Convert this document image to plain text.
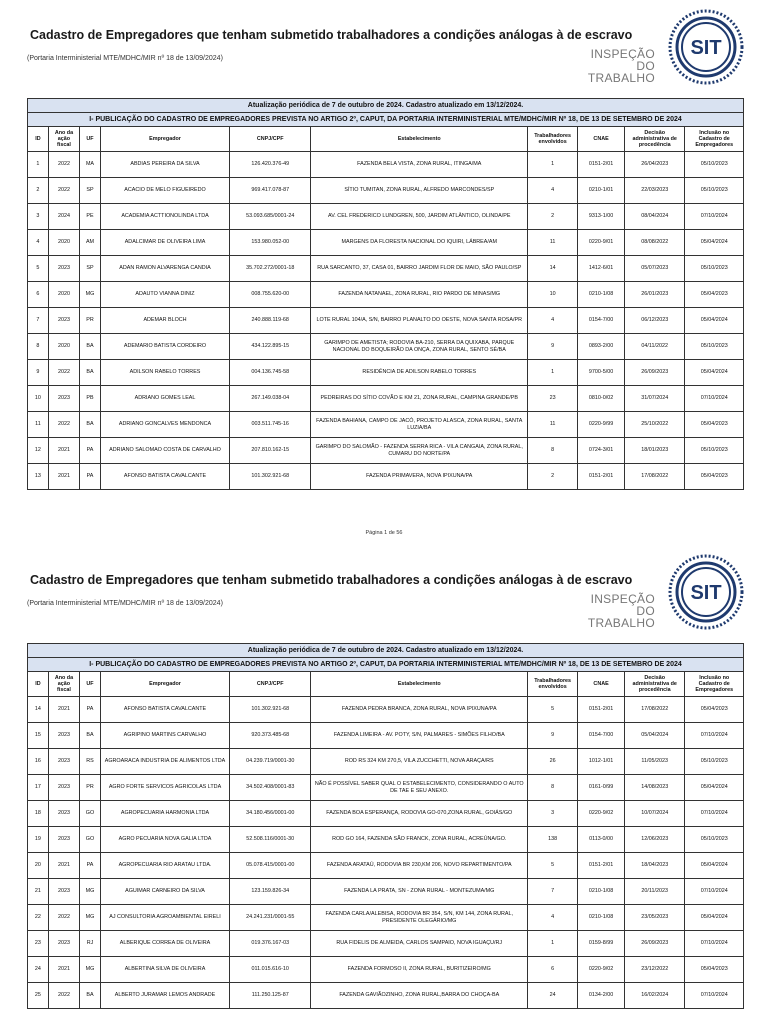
Cadastro de Empregadores que tenham submetido trabalhadores a condições análogas à de escravo
(Portaria Interministerial MTE/MDHC/MIR nº 18 de 13/09/2024)	INSPEÇÃO
DO TRABALHO
SIT
Atualização periódica de 7 de outubro de 2024. Cadastro atualizado em 13/12/2024.									
I- PUBLICAÇÃO DO CADASTRO DE EMPREGADORES PREVISTA NO ARTIGO 2º, CAPUT, DA PORTARIA INTERMINISTERIAL MTE/MDHC/MIR Nº 18, DE 13 DE SETEMBRO DE 2024									
ID	Ano da ação fiscal	UF	Empregador	CNPJ/CPF	Estabelecimento	Trabalhadores envolvidos	CNAE	Decisão administrativa de procedência	Inclusão no Cadastro de Empregadores
1	2022	MA	ABDIAS PEREIRA DA SILVA	126.420.376-49	FAZENDA BELA VISTA, ZONA RURAL, ITINGA/MA	1	0151-2/01	26/04/2023	05/10/2023
2	2022	SP	ACACIO DE MELO FIGUEIREDO	969.417.078-87	SÍTIO TUMITAN, ZONA RURAL, ALFREDO MARCONDES/SP	4	0210-1/01	22/03/2023	05/10/2023
3	2024	PE	ACADEMIA ACTTIONOLINDA LTDA	53.093.685/0001-24	AV. CEL FREDERICO LUNDGREN, 500, JARDIM ATLÂNTICO, OLINDA/PE	2	9313-1/00	08/04/2024	07/10/2024
4	2020	AM	ADALCIMAR DE OLIVEIRA LIMA	153.980.052-00	MARGENS DA FLORESTA NACIONAL DO IQUIRI, LÁBREA/AM	11	0220-9/01	08/08/2022	05/04/2024
5	2023	SP	ADAN RAMON ALVARENGA CANDIA	35.702.272/0001-18	RUA SARCANTO, 37, CASA 01, BAIRRO JARDIM FLOR DE MAIO, SÃO PAULO/SP	14	1412-6/01	05/07/2023	05/10/2023
6	2020	MG	ADAUTO VIANNA DINIZ	008.755.620-00	FAZENDA NATANAEL, ZONA RURAL, RIO PARDO DE MINAS/MG	10	0210-1/08	26/01/2023	05/04/2023
7	2023	PR	ADEMAR BLOCH	240.888.119-68	LOTE RURAL 104/A, S/N, BAIRRO PLANALTO DO OESTE, NOVA SANTA ROSA/PR	4	0154-7/00	06/12/2023	05/04/2024
8	2020	BA	ADEMARIO BATISTA CORDEIRO	434.122.895-15	GARIMPO DE AMETISTA; RODOVIA BA-210, SERRA DA QUIXABA, PARQUE NACIONAL DO BOQUEIRÃO DA ONÇA, ZONA RURAL, SENTO SÉ/BA	9	0893-2/00	04/11/2022	05/10/2023
9	2022	BA	ADILSON RABELO TORRES	004.136.745-58	RESIDÊNCIA DE ADILSON RABELO TORRES	1	9700-5/00	26/09/2023	05/04/2024
10	2023	PB	ADRIANO GOMES LEAL	267.149.038-04	PEDREIRAS DO SÍTIO COVÃO E KM 21, ZONA RURAL, CAMPINA GRANDE/PB	23	0810-0/02	31/07/2024	07/10/2024
11	2022	BA	ADRIANO GONCALVES MENDONCA	003.511.745-16	FAZENDA BAHIANA, CAMPO DE JACÓ, PROJETO ALASCA, ZONA RURAL, SANTA LUZIA/BA	11	0220-9/99	25/10/2022	05/04/2023
12	2021	PA	ADRIANO SALOMAO COSTA DE CARVALHO	207.810.162-15	GARIMPO DO SALOMÃO - FAZENDA SERRA RICA - VILA CANGAIA, ZONA RURAL, CUMARU DO NORTE/PA	8	0724-3/01	18/01/2023	05/10/2023
13	2021	PA	AFONSO BATISTA CAVALCANTE	101.302.921-68	FAZENDA PRIMAVERA, NOVA IPIXUNA/PA	2	0151-2/01	17/08/2022	05/04/2023
Página 1 de 56
Cadastro de Empregadores que tenham submetido trabalhadores a condições análogas à de escravo
(Portaria Interministerial MTE/MDHC/MIR nº 18 de 13/09/2024)	INSPEÇÃO
DO TRABALHO
SIT
Atualização periódica de 7 de outubro de 2024. Cadastro atualizado em 13/12/2024.									
I- PUBLICAÇÃO DO CADASTRO DE EMPREGADORES PREVISTA NO ARTIGO 2º, CAPUT, DA PORTARIA INTERMINISTERIAL MTE/MDHC/MIR Nº 18, DE 13 DE SETEMBRO DE 2024									
ID	Ano da ação fiscal	UF	Empregador	CNPJ/CPF	Estabelecimento	Trabalhadores envolvidos	CNAE	Decisão administrativa de procedência	Inclusão no Cadastro de Empregadores
14	2021	PA	AFONSO BATISTA CAVALCANTE	101.302.921-68	FAZENDA PEDRA BRANCA, ZONA RURAL, NOVA IPIXUNA/PA	5	0151-2/01	17/08/2022	05/04/2023
15	2023	BA	AGRIPINO MARTINS CARVALHO	920.373.485-68	FAZENDA LIMEIRA - AV. POTY, S/N, PALMARES - SIMÕES FILHO/BA	9	0154-7/00	05/04/2024	07/10/2024
16	2023	RS	AGROARACA INDUSTRIA DE ALIMENTOS LTDA	04.239.719/0001-30	ROD RS 324 KM 270,5, VILA ZUCCHETTI, NOVA ARAÇA/RS	26	1012-1/01	11/05/2023	05/10/2023
17	2023	PR	AGRO FORTE SERVICOS AGRICOLAS LTDA	34.502.408/0001-83	NÃO É POSSÍVEL SABER QUAL O ESTABELECIMENTO, CONSIDERANDO O AUTO DE TAE E SEU ANEXO.	8	0161-0/99	14/08/2023	05/04/2024
18	2023	GO	AGROPECUARIA HARMONIA LTDA	34.180.456/0001-00	FAZENDA BOA ESPERANÇA, RODOVIA GO-070,ZONA RURAL, GOIÁS/GO	3	0220-9/02	10/07/2024	07/10/2024
19	2023	GO	AGRO PECUARIA NOVA GALIA LTDA	52.508.116/0001-30	ROD GO 164, FAZENDA SÃO FRANCK, ZONA RURAL, ACREÚNA/GO.	138	0113-0/00	12/06/2023	05/10/2023
20	2021	PA	AGROPECUARIA RIO ARATAU LTDA.	05.078.415/0001-00	FAZENDA ARATAÚ, RODOVIA BR 230,KM 206, NOVO REPARTIMENTO/PA	5	0151-2/01	18/04/2023	05/04/2024
21	2023	MG	AGUIMAR CARNEIRO DA SILVA	123.159.826-34	FAZENDA LA PRATA, SN - ZONA RURAL - MONTEZUMA/MG	7	0210-1/08	20/11/2023	07/10/2024
22	2022	MG	AJ CONSULTORIA AGROAMBIENTAL EIRELI	24.241.231/0001-55	FAZENDA CARLA/ALEBISA, RODOVIA BR 354, S/N, KM 144, ZONA RURAL, PRESIDENTE OLEGÁRIO/MG	4	0210-1/08	23/05/2023	05/04/2024
23	2023	RJ	ALBERIQUE CORREA DE OLIVEIRA	019.376.167-03	RUA FIDELIS DE ALMEIDA, CARLOS SAMPAIO, NOVA IGUAÇU/RJ	1	0159-8/99	26/09/2023	07/10/2024
24	2021	MG	ALBERTINA SILVA DE OLIVEIRA	011.015.616-10	FAZENDA FORMOSO II, ZONA RURAL, BURITIZEIRO/MG	6	0220-9/02	23/12/2022	05/04/2023
25	2022	BA	ALBERTO JURAMAR LEMOS ANDRADE	111.250.125-87	FAZENDA GAVIÃOZINHO, ZONA RURAL,BARRA DO CHOÇA-BA	24	0134-2/00	16/02/2024	07/10/2024
